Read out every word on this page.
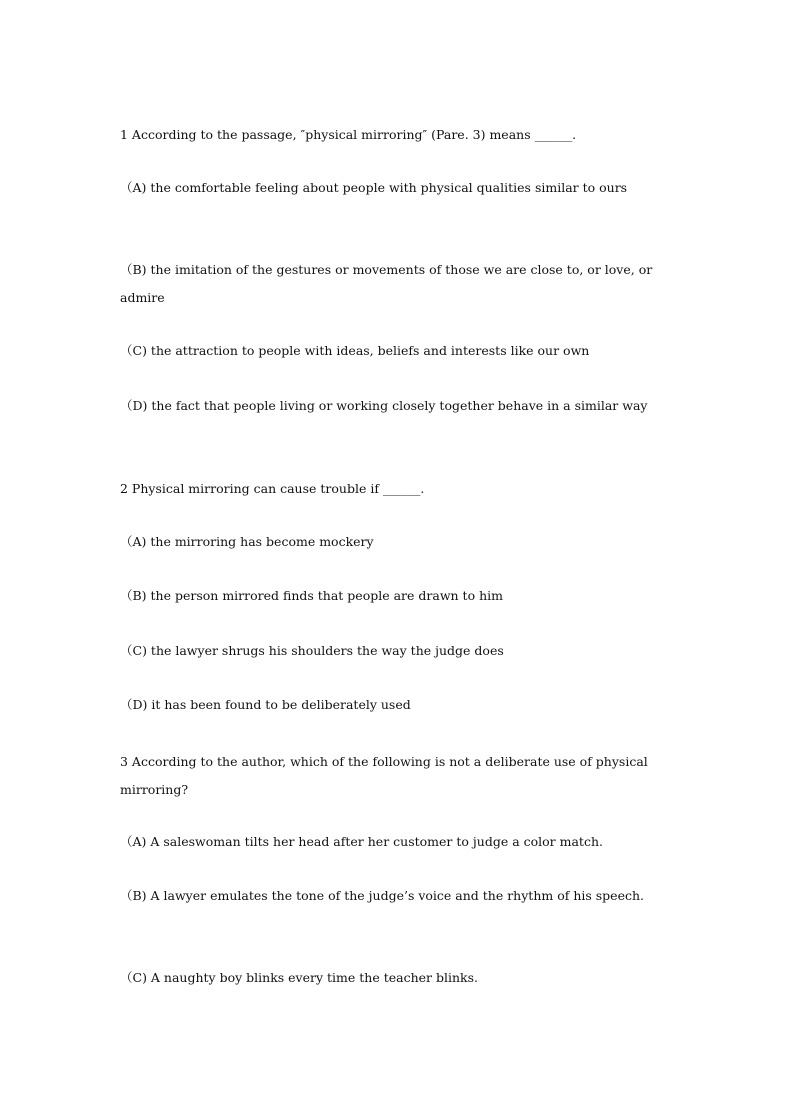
1 According to the passage, ″physical mirroring″ (Pare. 3) means ______.
（A) the comfortable feeling about people with physical qualities similar to ours
（B) the imitation of the gestures or movements of those we are close to, or love, or admire
（C) the attraction to people with ideas, beliefs and interests like our own
（D) the fact that people living or working closely together behave in a similar way
2 Physical mirroring can cause trouble if ______.
（A) the mirroring has become mockery
（B) the person mirrored finds that people are drawn to him
（C) the lawyer shrugs his shoulders the way the judge does
（D) it has been found to be deliberately used
3 According to the author, which of the following is not a deliberate use of physical mirroring?
（A) A saleswoman tilts her head after her customer to judge a color match.
（B) A lawyer emulates the tone of the judge’s voice and the rhythm of his speech.
（C) A naughty boy blinks every time the teacher blinks.
